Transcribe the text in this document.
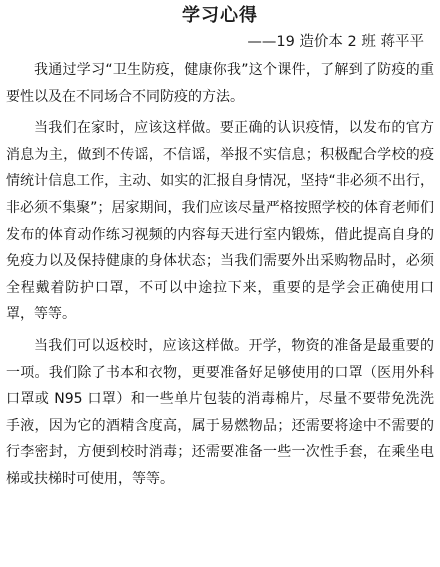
学习心得
——19 造价本 2 班 蒋平平

我通过学习“卫生防疫，健康你我”这个课件，了解到了防疫的重要性以及在不同场合不同防疫的方法。

当我们在家时，应该这样做。要正确的认识疫情，以发布的官方消息为主，做到不传谣，不信谣，举报不实信息；积极配合学校的疫情统计信息工作，主动、如实的汇报自身情况，坚持“非必须不出行，非必须不集聚”；居家期间，我们应该尽量严格按照学校的体育老师们发布的体育动作练习视频的内容每天进行室内锻炼，借此提高自身的免疫力以及保持健康的身体状态；当我们需要外出采购物品时，必须全程戴着防护口罩，不可以中途拉下来，重要的是学会正确使用口罩，等等。

当我们可以返校时，应该这样做。开学，物资的准备是最重要的一项。我们除了书本和衣物，更要准备好足够使用的口罩（医用外科口罩或 N95 口罩）和一些单片包装的消毒棉片，尽量不要带免洗洗手液，因为它的酒精含度高，属于易燃物品；还需要将途中不需要的行李密封，方便到校时消毒；还需要准备一些一次性手套，在乘坐电梯或扶梯时可使用，等等。
